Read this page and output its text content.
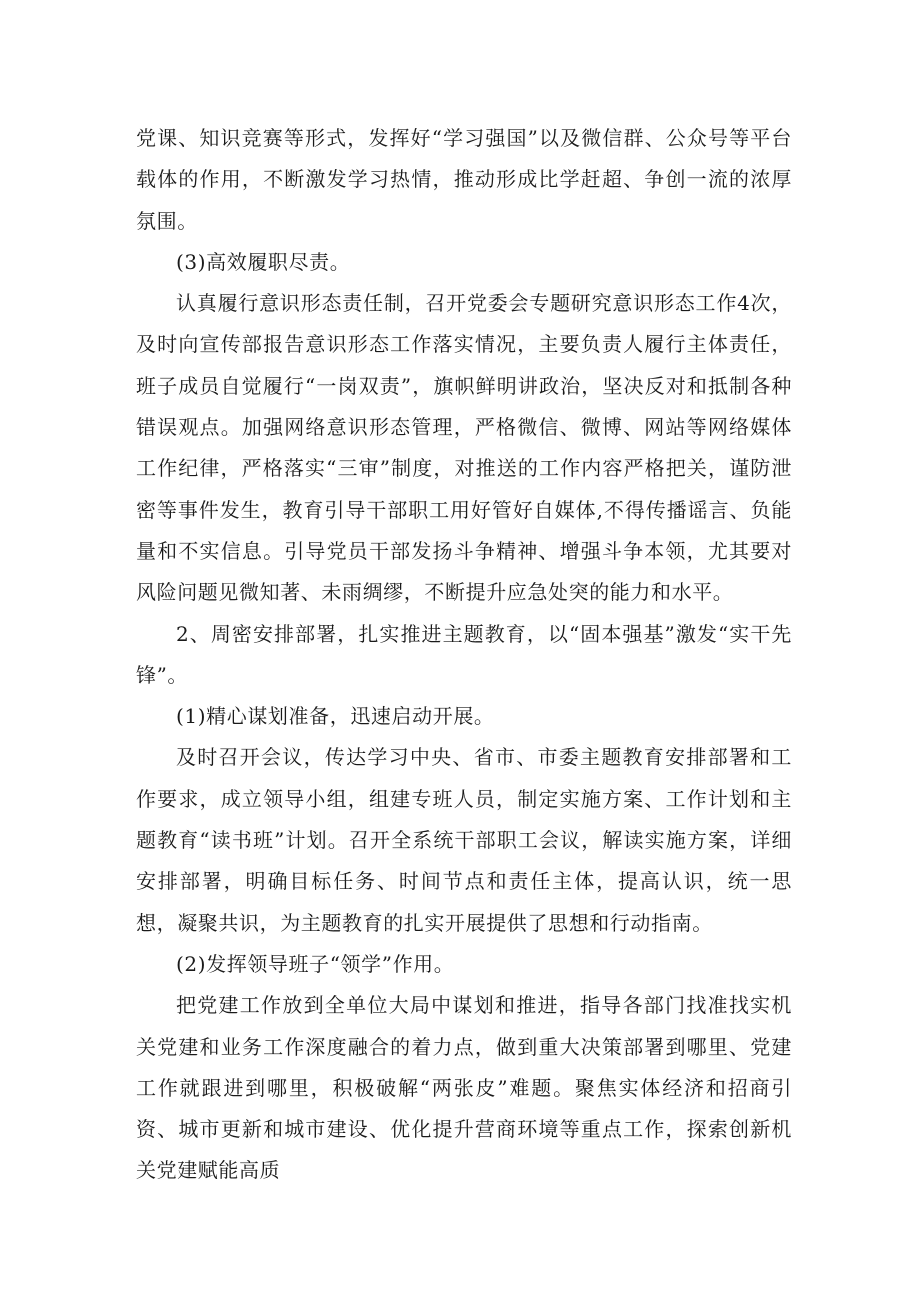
党课、知识竞赛等形式，发挥好“学习强国”以及微信群、公众号等平台载体的作用，不断激发学习热情，推动形成比学赶超、争创一流的浓厚氛围。

(3)高效履职尽责。

认真履行意识形态责任制，召开党委会专题研究意识形态工作4次，及时向宣传部报告意识形态工作落实情况，主要负责人履行主体责任，班子成员自觉履行“一岗双责”，旗帜鲜明讲政治，坚决反对和抵制各种错误观点。加强网络意识形态管理，严格微信、微博、网站等网络媒体工作纪律，严格落实“三审”制度，对推送的工作内容严格把关，谨防泄密等事件发生，教育引导干部职工用好管好自媒体,不得传播谣言、负能量和不实信息。引导党员干部发扬斗争精神、增强斗争本领，尤其要对风险问题见微知著、未雨绸缪，不断提升应急处突的能力和水平。

2、周密安排部署，扎实推进主题教育，以“固本强基”激发“实干先锋”。

(1)精心谋划准备，迅速启动开展。

及时召开会议，传达学习中央、省市、市委主题教育安排部署和工作要求，成立领导小组，组建专班人员，制定实施方案、工作计划和主题教育“读书班”计划。召开全系统干部职工会议，解读实施方案，详细安排部署，明确目标任务、时间节点和责任主体，提高认识，统一思想，凝聚共识，为主题教育的扎实开展提供了思想和行动指南。

(2)发挥领导班子“领学”作用。

把党建工作放到全单位大局中谋划和推进，指导各部门找准找实机关党建和业务工作深度融合的着力点，做到重大决策部署到哪里、党建工作就跟进到哪里，积极破解“两张皮”难题。聚焦实体经济和招商引资、城市更新和城市建设、优化提升营商环境等重点工作，探索创新机关党建赋能高质
